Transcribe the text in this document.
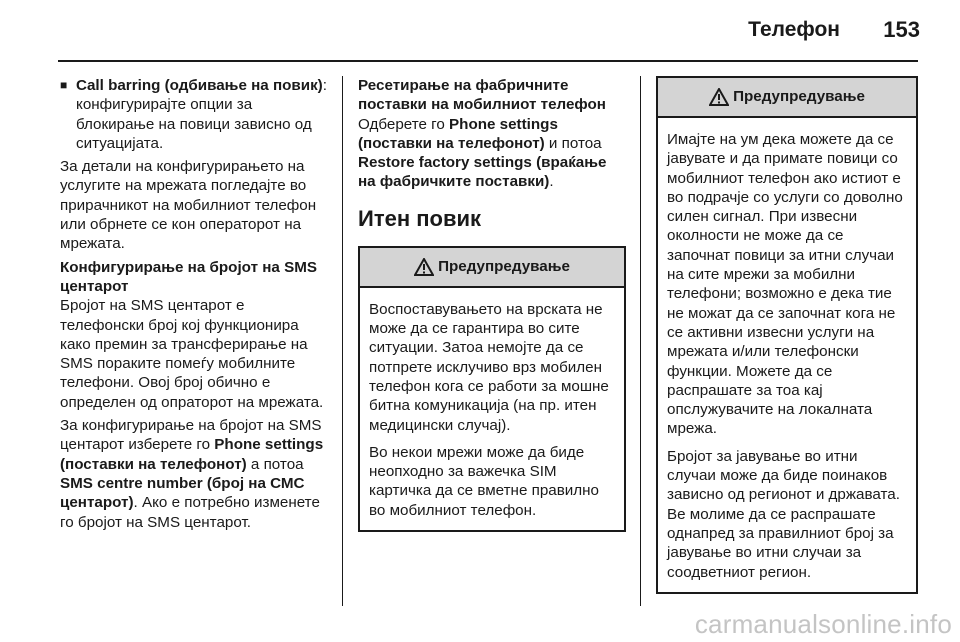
Телефон 153
■ Call barring (одбивање на повик): конфигурирајте опции за блокирање на повици зависно од ситуацијата.

За детали на конфигурирањето на услугите на мрежата погледајте во прирачникот на мобилниот телефон или обрнете се кон операторот на мрежата.

Конфигурирање на бројот на SMS центарот

Бројот на SMS центарот е телефонски број кој функционира како премин за трансферирање на SMS пораките помеѓу мобилните телефони. Овој број обично е определен од опраторот на мрежата.

За конфигурирање на бројот на SMS центарот изберете го Phone settings (поставки на телефонот) а потоа SMS centre number (број на СМС центарот). Ако е потребно изменете го бројот на SMS центарот.

Ресетирање на фабричните поставки на мобилниот телефон

Одберете го Phone settings (поставки на телефонот) и потоа Restore factory settings (враќање на фабричките поставки).

Итен повик
Предупредување

Воспоставувањето на врската не може да се гарантира во сите ситуации. Затоа немојте да се потпрете исклучиво врз мобилен телефон кога се работи за мошне битна комуникација (на пр. итен медицински случај).

Во некои мрежи може да биде неопходно за важечка SIM картичка да се вметне правилно во мобилниот телефон.

Предупредување

Имајте на ум дека можете да се јавувате и да примате повици со мобилниот телефон ако истиот е во подрачје со услуги со доволно силен сигнал. При извесни околности не може да се започнат повици за итни случаи на сите мрежи за мобилни телефони; возможно е дека тие не можат да се започнат кога не се активни извесни услуги на мрежата и/или телефонски функции. Можете да се распрашате за тоа кај опслужувачите на локалната мрежа.

Бројот за јавување во итни случаи може да биде поинаков зависно од регионот и државата. Ве молиме да се распрашате однапред за правилниот број за јавување во итни случаи за соодветниот регион.

carmanualsonline.info
